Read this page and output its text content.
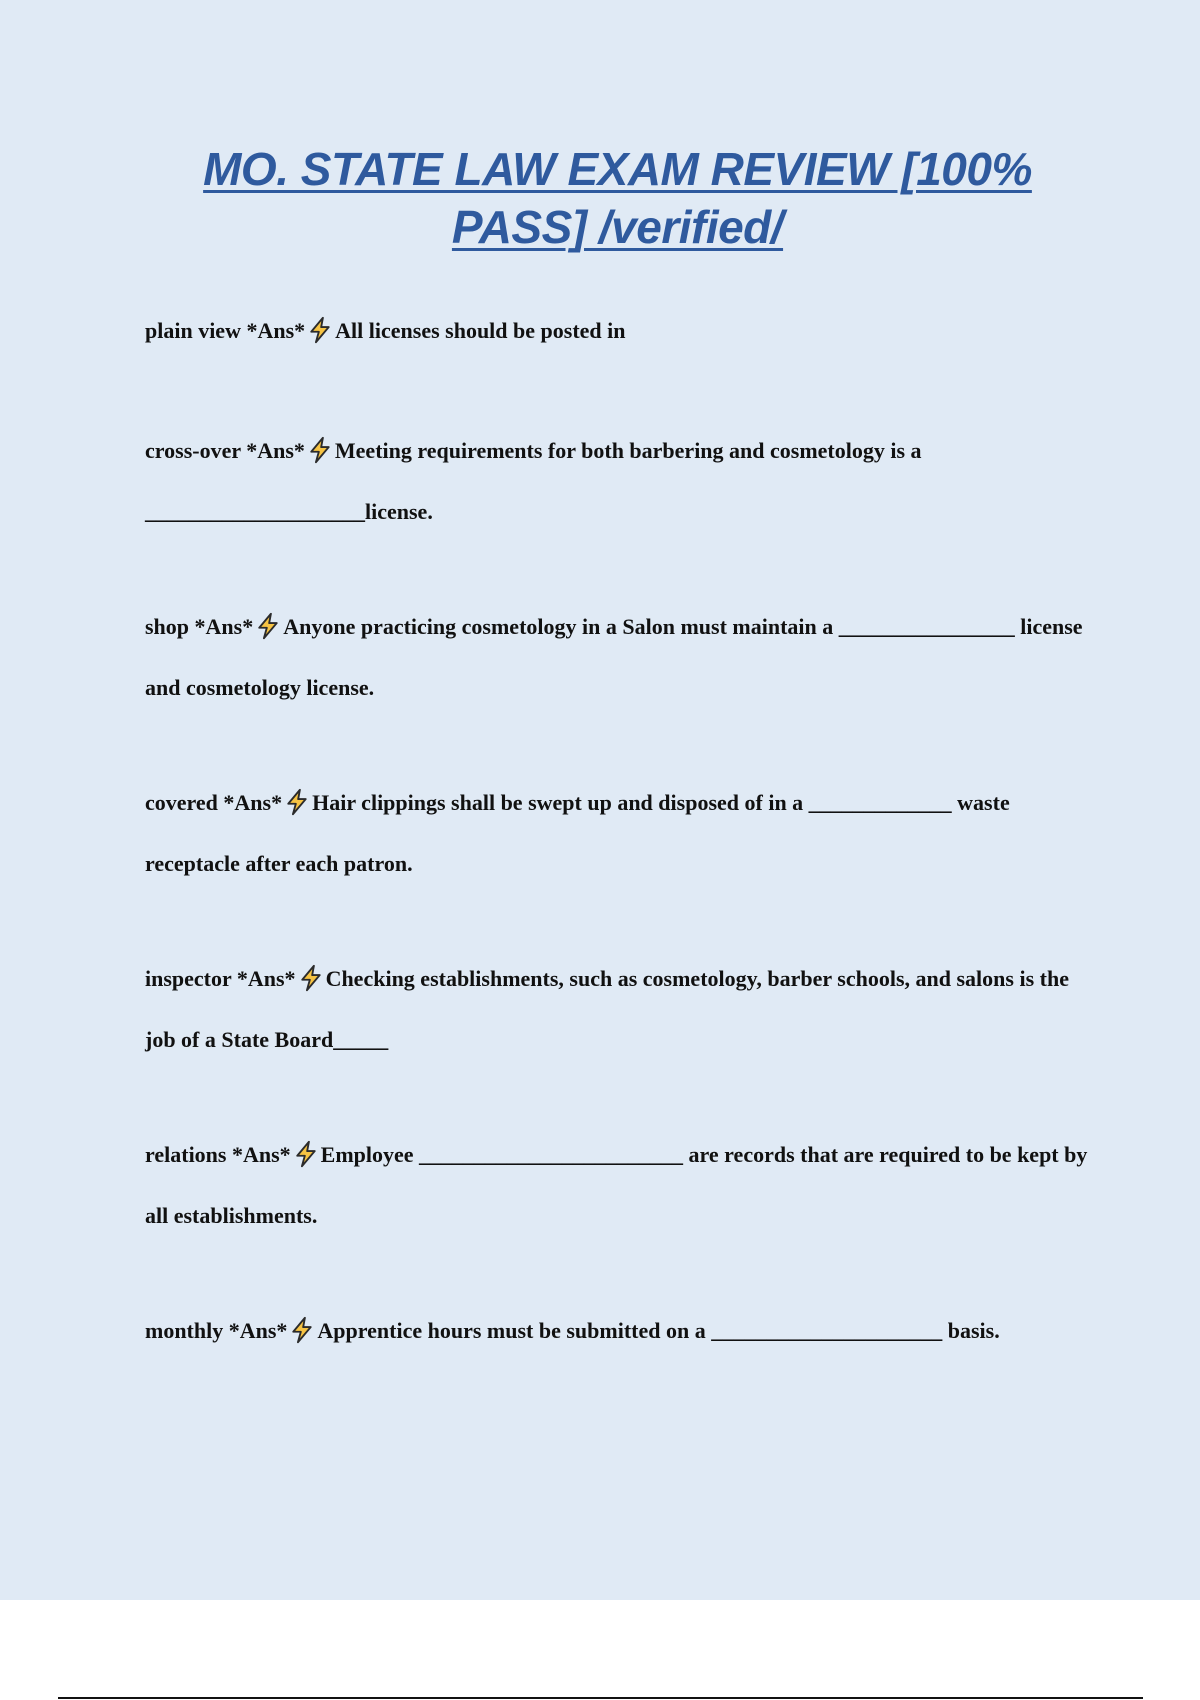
MO. STATE LAW EXAM REVIEW [100%
PASS] /verified/

plain view *Ans* All licenses should be posted in

cross-over *Ans* Meeting requirements for both barbering and cosmetology is a ____________________license.

shop *Ans* Anyone practicing cosmetology in a Salon must maintain a ________________ license and cosmetology license.

covered *Ans* Hair clippings shall be swept up and disposed of in a _____________ waste receptacle after each patron.

inspector *Ans* Checking establishments, such as cosmetology, barber schools, and salons is the job of a State Board_____

relations *Ans* Employee ________________________ are records that are required to be kept by all establishments.

monthly *Ans* Apprentice hours must be submitted on a _____________________ basis.
